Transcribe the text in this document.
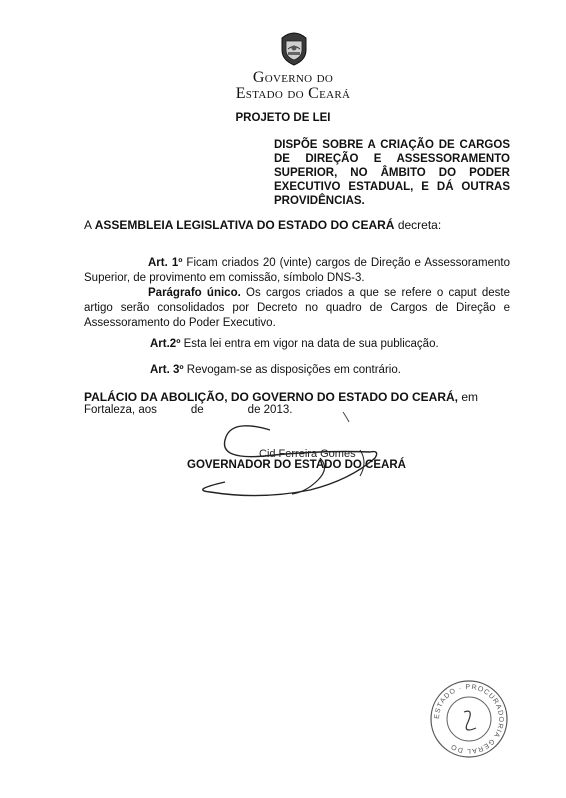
Governo do
Estado do Ceará
PROJETO DE LEI
DISPÕE SOBRE A CRIAÇÃO DE CARGOS DE DIREÇÃO E ASSESSORAMENTO SUPERIOR, NO ÂMBITO DO PODER EXECUTIVO ESTADUAL, E DÁ OUTRAS PROVIDÊNCIAS.
A ASSEMBLEIA LEGISLATIVA DO ESTADO DO CEARÁ decreta:
Art. 1º Ficam criados 20 (vinte) cargos de Direção e Assessoramento Superior, de provimento em comissão, símbolo DNS-3.
Parágrafo único. Os cargos criados a que se refere o caput deste artigo serão consolidados por Decreto no quadro de Cargos de Direção e Assessoramento do Poder Executivo.
Art.2º Esta lei entra em vigor na data de sua publicação.
Art. 3º Revogam-se as disposições em contrário.
PALÁCIO DA ABOLIÇÃO, DO GOVERNO DO ESTADO DO CEARÁ, em
Fortaleza, aos	de	de 2013.
Cid Ferreira Gomes
GOVERNADOR DO ESTADO DO CEARÁ
ESTADO · PROCURADORIA GERAL DO
